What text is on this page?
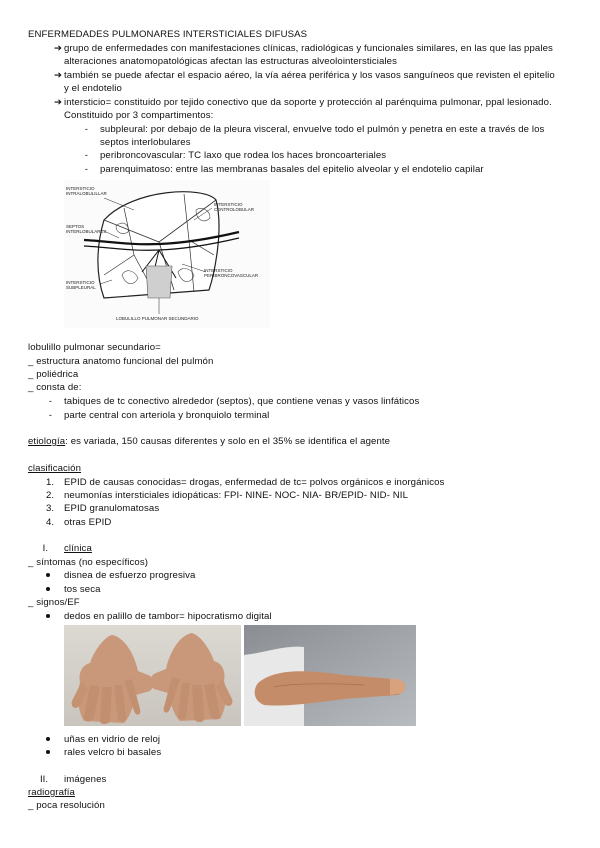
ENFERMEDADES PULMONARES INTERSTICIALES DIFUSAS
➔ grupo de enfermedades con manifestaciones clínicas, radiológicas y funcionales similares, en las que las ppales
alteraciones anatomopatológicas afectan las estructuras alveolointersticiales
➔ también se puede afectar el espacio aéreo, la vía aérea periférica y los vasos sanguíneos que revisten el epitelio
y el endotelio
➔ intersticio= constituido por tejido conectivo que da soporte y protección al parénquima pulmonar, ppal lesionado.
Constituido por 3 compartimentos:
- subpleural: por debajo de la pleura visceral, envuelve todo el pulmón y penetra en este a través de los
septos interlobulares
- peribroncovascular: TC laxo que rodea los haces broncoarteriales
- parenquimatoso: entre las membranas basales del epitelio alveolar y el endotelio capilar
INTERSTICIO
INTRALOBULILLAR
SEPTOS
INTERLOBULARES
INTERSTICIO
SUBPLEURAL
INTERSTICIO
CENTROLOBULAR
INTERSTICIO
PERIBRONCOVASCULAR
LOBULILLO PULMONAR SECUNDARIO
lobulillo pulmonar secundario=
_ estructura anatomo funcional del pulmón
_ poliédrica
_ consta de:
- tabiques de tc conectivo alrededor (septos), que contiene venas y vasos linfáticos
- parte central con arteriola y bronquiolo terminal
etiología: es variada, 150 causas diferentes y solo en el 35% se identifica el agente
clasificación
1. EPID de causas conocidas= drogas, enfermedad de tc= polvos orgánicos e inorgánicos
2. neumonías intersticiales idiopáticas: FPI- NINE- NOC- NIA- BR/EPID- NID- NIL
3. EPID granulomatosas
4. otras EPID
I. clínica
_ síntomas (no específicos)
disnea de esfuerzo progresiva
tos seca
_ signos/EF
dedos en palillo de tambor= hipocratismo digital
uñas en vidrio de reloj
rales velcro bi basales
II. imágenes
radiografía
_ poca resolución
